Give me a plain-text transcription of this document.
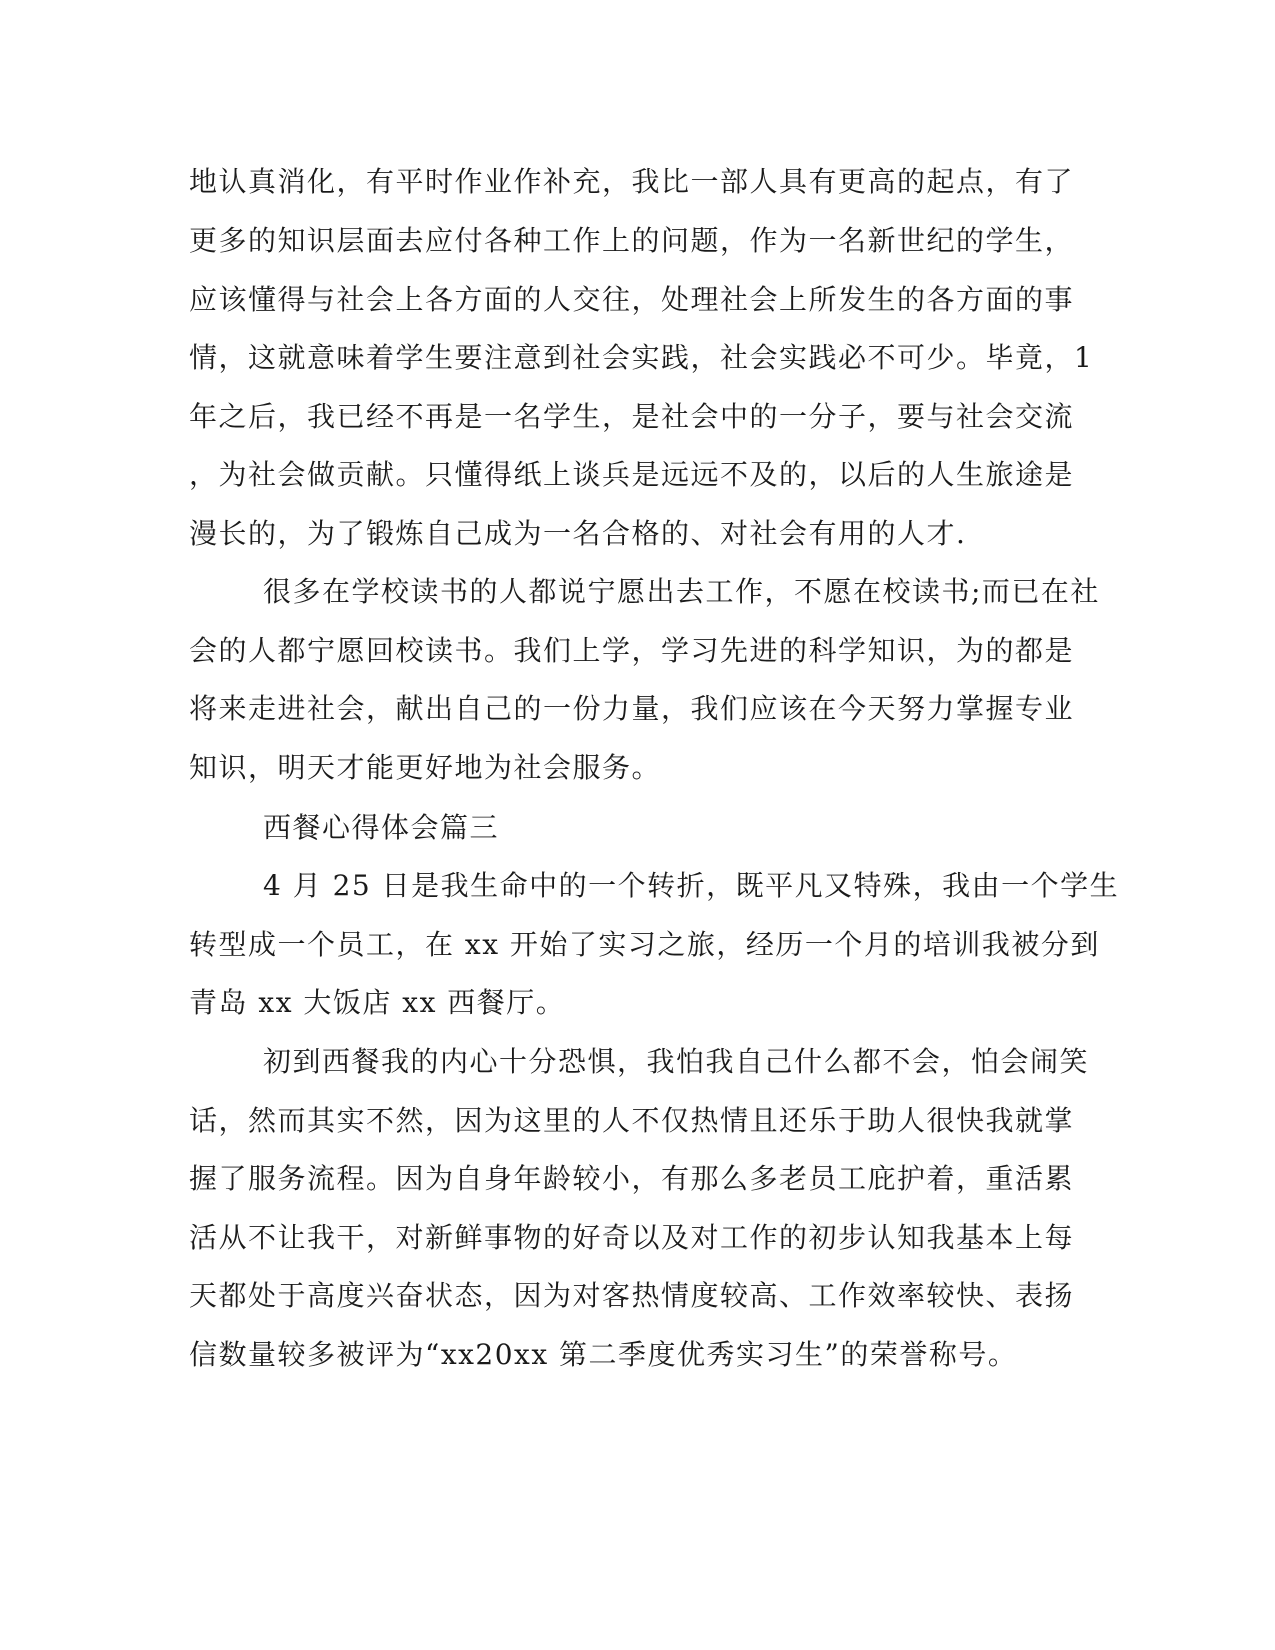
地认真消化，有平时作业作补充，我比一部人具有更高的起点，有了

更多的知识层面去应付各种工作上的问题，作为一名新世纪的学生，

应该懂得与社会上各方面的人交往，处理社会上所发生的各方面的事

情，这就意味着学生要注意到社会实践，社会实践必不可少。毕竟，1

年之后，我已经不再是一名学生，是社会中的一分子，要与社会交流

，为社会做贡献。只懂得纸上谈兵是远远不及的，以后的人生旅途是

漫长的，为了锻炼自己成为一名合格的、对社会有用的人才.

很多在学校读书的人都说宁愿出去工作，不愿在校读书;而已在社

会的人都宁愿回校读书。我们上学，学习先进的科学知识，为的都是

将来走进社会，献出自己的一份力量，我们应该在今天努力掌握专业

知识，明天才能更好地为社会服务。

西餐心得体会篇三

4 月 25 日是我生命中的一个转折，既平凡又特殊，我由一个学生

转型成一个员工，在 xx 开始了实习之旅，经历一个月的培训我被分到

青岛 xx 大饭店 xx 西餐厅。

初到西餐我的内心十分恐惧，我怕我自己什么都不会，怕会闹笑

话，然而其实不然，因为这里的人不仅热情且还乐于助人很快我就掌

握了服务流程。因为自身年龄较小，有那么多老员工庇护着，重活累

活从不让我干，对新鲜事物的好奇以及对工作的初步认知我基本上每

天都处于高度兴奋状态，因为对客热情度较高、工作效率较快、表扬

信数量较多被评为“xx20xx 第二季度优秀实习生”的荣誉称号。
